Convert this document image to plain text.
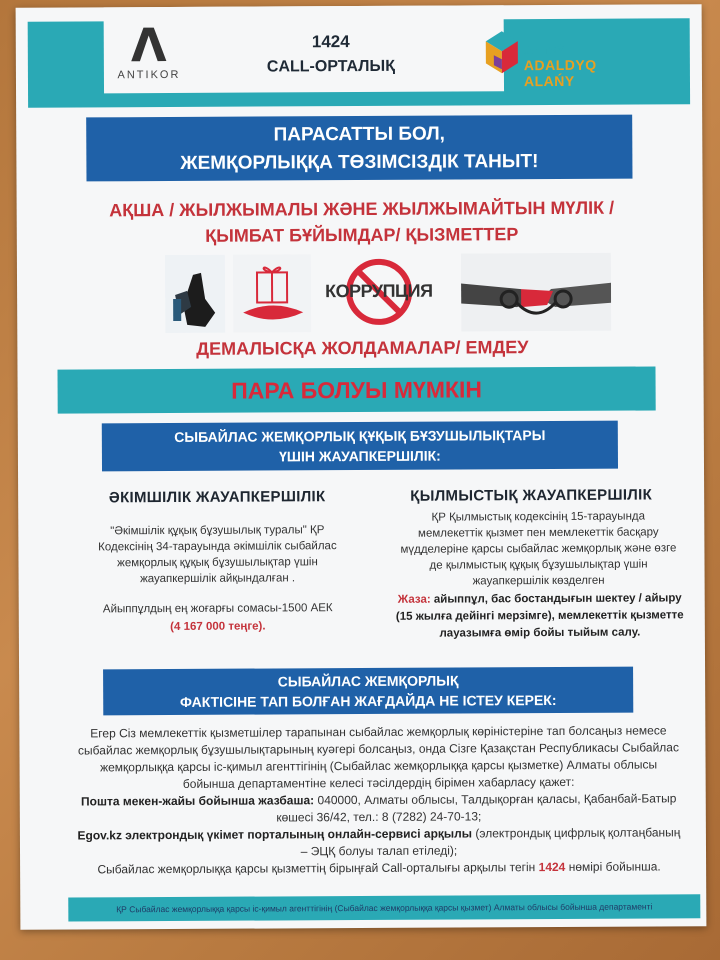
Λ
ANTIKOR
1424
CALL-ОРТАЛЫҚ
JETISÝ
ADALDYQ ALAŃY
ПАРАСАТТЫ БОЛ,
ЖЕМҚОРЛЫҚҚА ТӨЗІМСІЗДІК ТАНЫТ!
АҚША / ЖЫЛЖЫМАЛЫ ЖӘНЕ ЖЫЛЖЫМАЙТЫН МҮЛІК /
ҚЫМБАТ БҰЙЫМДАР/ ҚЫЗМЕТТЕР
КОРРУПЦИЯ
ДЕМАЛЫСҚА ЖОЛДАМАЛАР/ ЕМДЕУ
ПАРА БОЛУЫ МҮМКІН
СЫБАЙЛАС ЖЕМҚОРЛЫҚ ҚҰҚЫҚ БҰЗУШЫЛЫҚТАРЫ
ҮШІН ЖАУАПКЕРШІЛІК:
ӘКІМШІЛІК ЖАУАПКЕРШІЛІК	ҚЫЛМЫСТЫҚ ЖАУАПКЕРШІЛІК
"Әкімшілік құқық бұзушылық туралы" ҚР Кодексінің 34-тарауында әкімшілік сыбайлас жемқорлық құқық бұзушылықтар үшін жауапкершілік айқындалған .
Айыппұлдың ең жоғарғы сомасы-1500 АЕК
(4 167 000 теңге).
ҚР Қылмыстық кодексінің 15-тарауында мемлекеттік қызмет пен мемлекеттік басқару мүдделеріне қарсы сыбайлас жемқорлық және өзге де қылмыстық құқық бұзушылықтар үшін жауапкершілік көзделген
Жаза: айыппұл, бас бостандығын шектеу / айыру (15 жылға дейінгі мерзімге), мемлекеттік қызметте лауазымға өмір бойы тыйым салу.
СЫБАЙЛАС ЖЕМҚОРЛЫҚ
ФАКТІСІНЕ ТАП БОЛҒАН ЖАҒДАЙДА НЕ ІСТЕУ КЕРЕК:
Егер Сіз мемлекеттік қызметшілер тарапынан сыбайлас жемқорлық көріністеріне тап болсаңыз немесе сыбайлас жемқорлық бұзушылықтарының куәгері болсаңыз, онда Сізге Қазақстан Республикасы Сыбайлас жемқорлыққа қарсы іс-қимыл агенттігінің (Сыбайлас жемқорлыққа қарсы қызметке) Алматы облысы бойынша департаментіне келесі тәсілдердің бірімен хабарласу қажет:
Пошта мекен-жайы бойынша жазбаша: 040000, Алматы облысы, Талдықорған қаласы, Қабанбай-Батыр көшесі 36/42, тел.: 8 (7282) 24-70-13;
Egov.kz электрондық үкімет порталының онлайн-сервисі арқылы (электрондық цифрлық қолтаңбаның – ЭЦҚ болуы талап етіледі);
Сыбайлас жемқорлыққа қарсы қызметтің бірыңғай Call-орталығы арқылы тегін 1424 нөмірі бойынша.
ҚР Сыбайлас жемқорлыққа қарсы іс-қимыл агенттігінің (Сыбайлас жемқорлыққа қарсы қызмет) Алматы облысы бойынша департаменті
